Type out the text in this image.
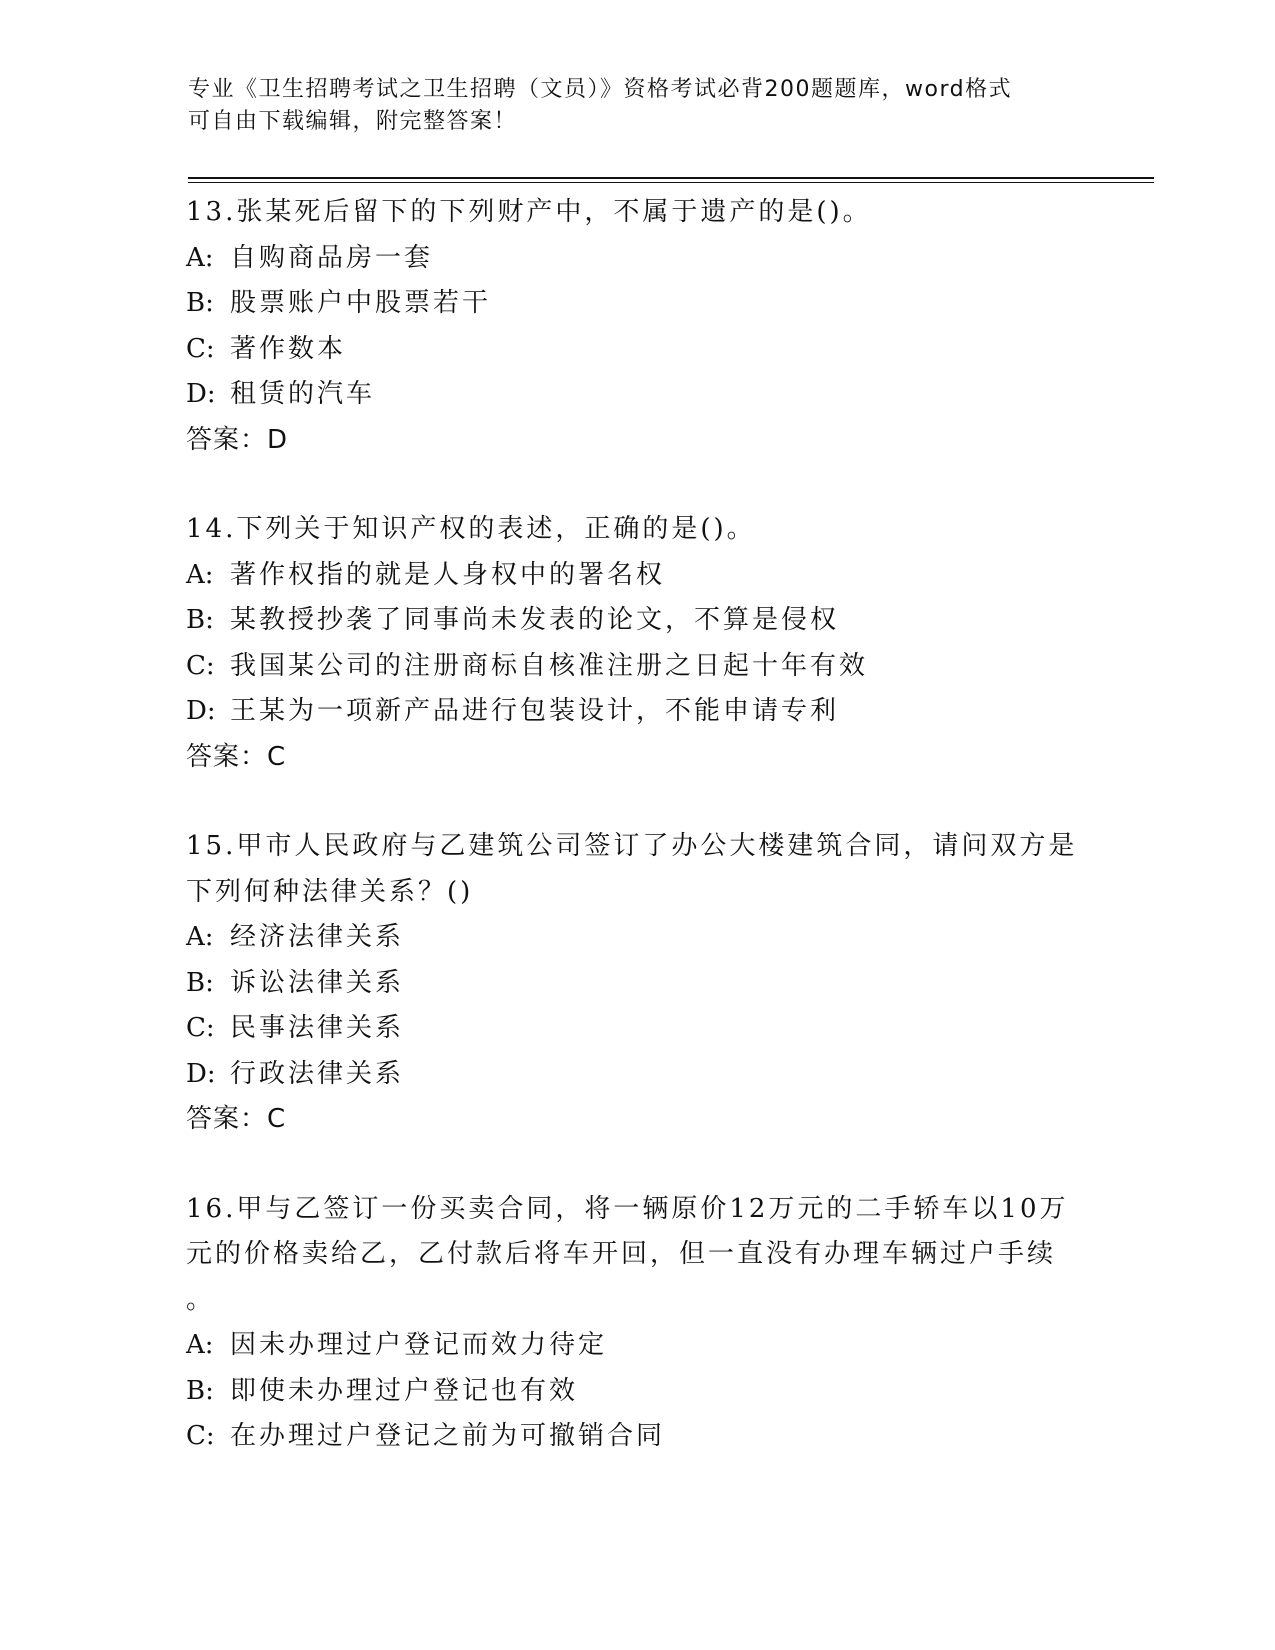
专业《卫生招聘考试之卫生招聘（文员）》资格考试必背200题题库，word格式
可自由下载编辑，附完整答案！
13.张某死后留下的下列财产中，不属于遗产的是()。
A: 自购商品房一套
B: 股票账户中股票若干
C: 著作数本
D: 租赁的汽车
答案：D
14.下列关于知识产权的表述，正确的是()。
A: 著作权指的就是人身权中的署名权
B: 某教授抄袭了同事尚未发表的论文，不算是侵权
C: 我国某公司的注册商标自核准注册之日起十年有效
D: 王某为一项新产品进行包装设计，不能申请专利
答案：C
15.甲市人民政府与乙建筑公司签订了办公大楼建筑合同，请问双方是
下列何种法律关系？()
A: 经济法律关系
B: 诉讼法律关系
C: 民事法律关系
D: 行政法律关系
答案：C
16.甲与乙签订一份买卖合同，将一辆原价12万元的二手轿车以10万
元的价格卖给乙，乙付款后将车开回，但一直没有办理车辆过户手续
。
A: 因未办理过户登记而效力待定
B: 即使未办理过户登记也有效
C: 在办理过户登记之前为可撤销合同
